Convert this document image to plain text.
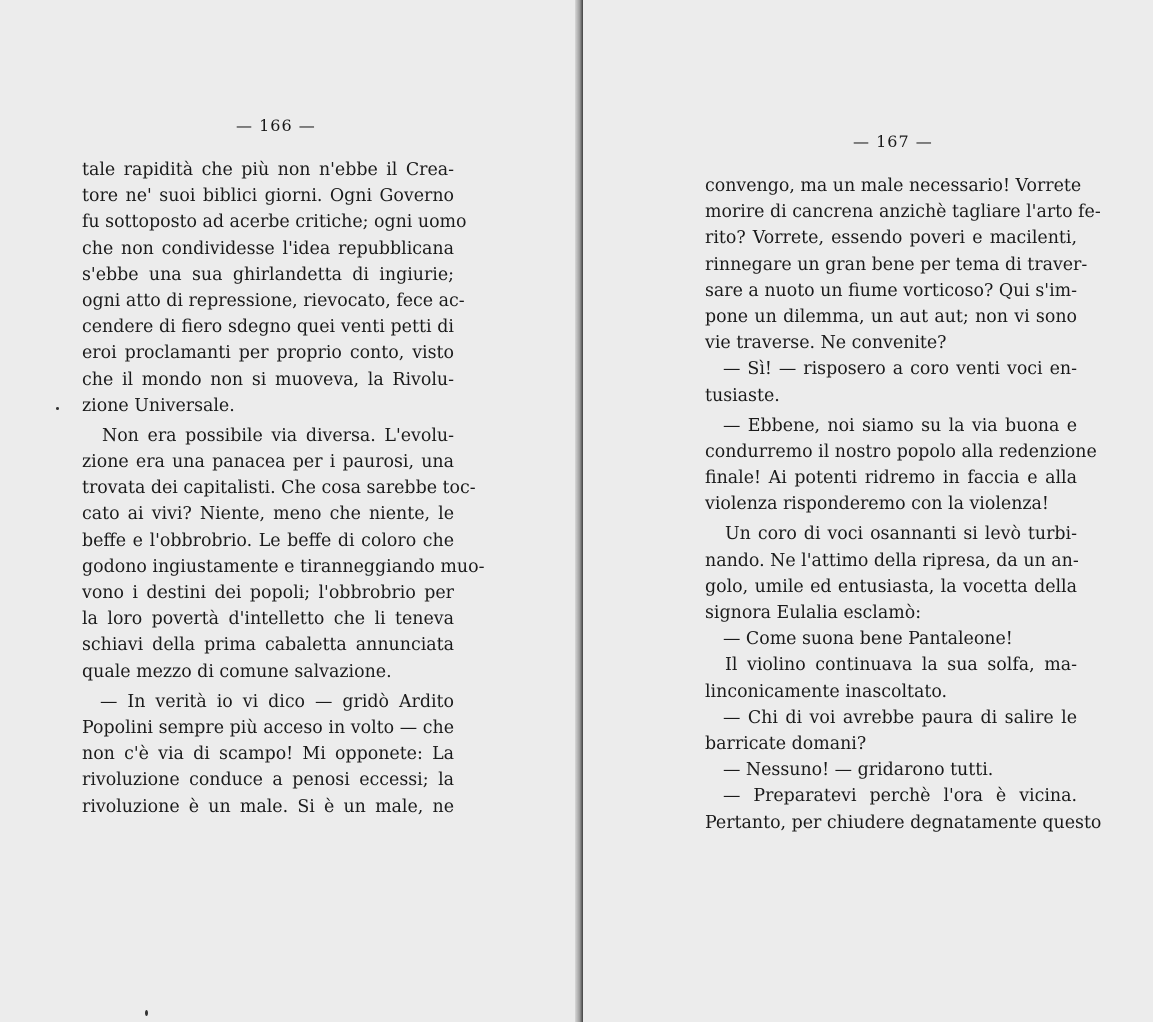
— 166 —
tale rapidità che più non n'ebbe il Crea-
tore ne' suoi biblici giorni. Ogni Governo
fu sottoposto ad acerbe critiche; ogni uomo
che non condividesse l'idea repubblicana
s'ebbe una sua ghirlandetta di ingiurie;
ogni atto di repressione, rievocato, fece ac-
cendere di fiero sdegno quei venti petti di
eroi proclamanti per proprio conto, visto
che il mondo non si muoveva, la Rivolu-
zione Universale.
Non era possibile via diversa. L'evolu-
zione era una panacea per i paurosi, una
trovata dei capitalisti. Che cosa sarebbe toc-
cato ai vivi? Niente, meno che niente, le
beffe e l'obbrobrio. Le beffe di coloro che
godono ingiustamente e tiranneggiando muo-
vono i destini dei popoli; l'obbrobrio per
la loro povertà d'intelletto che li teneva
schiavi della prima cabaletta annunciata
quale mezzo di comune salvazione.
— In verità io vi dico — gridò Ardito
Popolini sempre più acceso in volto — che
non c'è via di scampo! Mi opponete: La
rivoluzione conduce a penosi eccessi; la
rivoluzione è un male. Si è un male, ne
— 167 —
convengo, ma un male necessario! Vorrete
morire di cancrena anzichè tagliare l'arto fe-
rito? Vorrete, essendo poveri e macilenti,
rinnegare un gran bene per tema di traver-
sare a nuoto un fiume vorticoso? Qui s'im-
pone un dilemma, un aut aut; non vi sono
vie traverse. Ne convenite?
— Sì! — risposero a coro venti voci en-
tusiaste.
— Ebbene, noi siamo su la via buona e
condurremo il nostro popolo alla redenzione
finale! Ai potenti ridremo in faccia e alla
violenza risponderemo con la violenza!
Un coro di voci osannanti si levò turbi-
nando. Ne l'attimo della ripresa, da un an-
golo, umile ed entusiasta, la vocetta della
signora Eulalia esclamò:
— Come suona bene Pantaleone!
Il violino continuava la sua solfa, ma-
linconicamente inascoltato.
— Chi di voi avrebbe paura di salire le
barricate domani?
— Nessuno! — gridarono tutti.
— Preparatevi perchè l'ora è vicina.
Pertanto, per chiudere degnatamente questo
